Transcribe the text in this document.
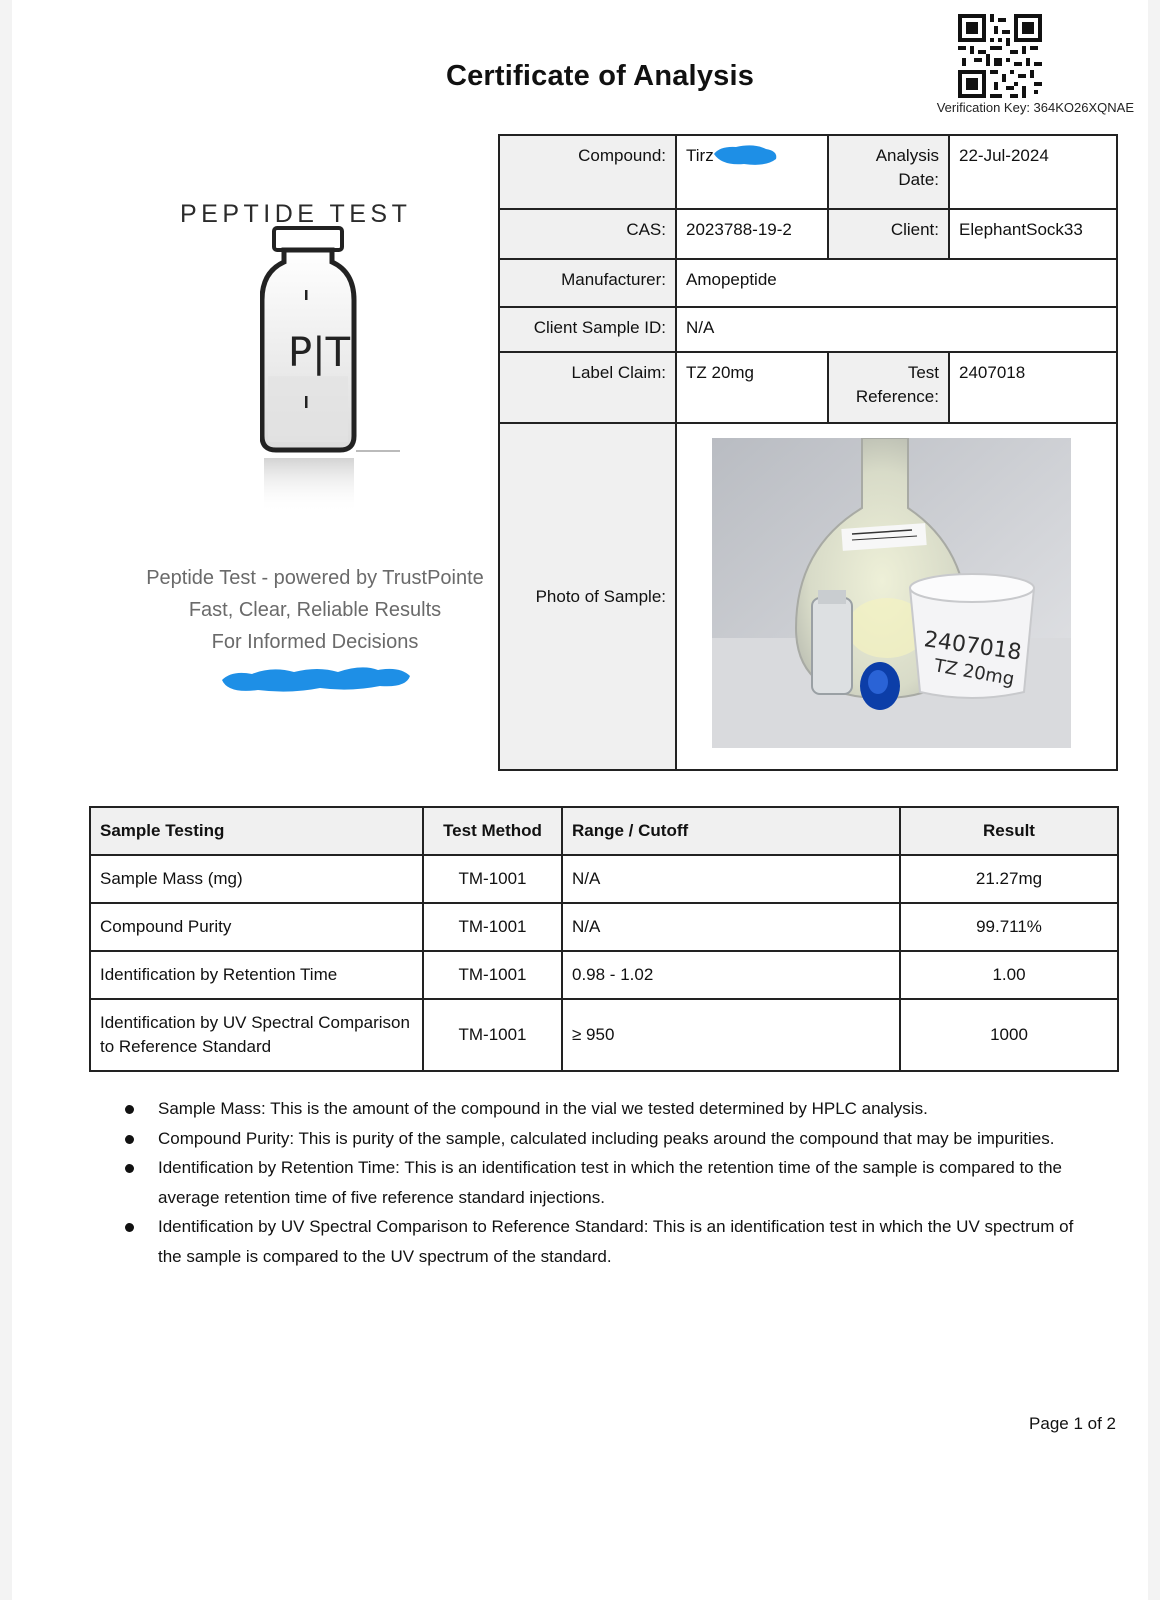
Certificate of Analysis
Verification Key: 364KO26XQNAE
PEPTIDE TEST
P|T
Peptide Test - powered by TrustPointe
Fast, Clear, Reliable Results
For Informed Decisions
Compound:	Tirz	Analysis Date:	22-Jul-2024
CAS:	2023788-19-2	Client:	ElephantSock33
Manufacturer:	Amopeptide		
Client Sample ID:	N/A		
Label Claim:	TZ 20mg	Test Reference:	2407018
Photo of Sample:	2407018
TZ 20mg		
Sample Testing	Test Method	Range / Cutoff	Result
Sample Mass (mg)	TM-1001	N/A	21.27mg
Compound Purity	TM-1001	N/A	99.711%
Identification by Retention Time	TM-1001	0.98 - 1.02	1.00
Identification by UV Spectral Comparison to Reference Standard	TM-1001	≥ 950	1000
Sample Mass: This is the amount of the compound in the vial we tested determined by HPLC analysis.
Compound Purity: This is purity of the sample, calculated including peaks around the compound that may be impurities.
Identification by Retention Time: This is an identification test in which the retention time of the sample is compared to the average retention time of five reference standard injections.
Identification by UV Spectral Comparison to Reference Standard: This is an identification test in which the UV spectrum of the sample is compared to the UV spectrum of the standard.
Page 1 of 2
